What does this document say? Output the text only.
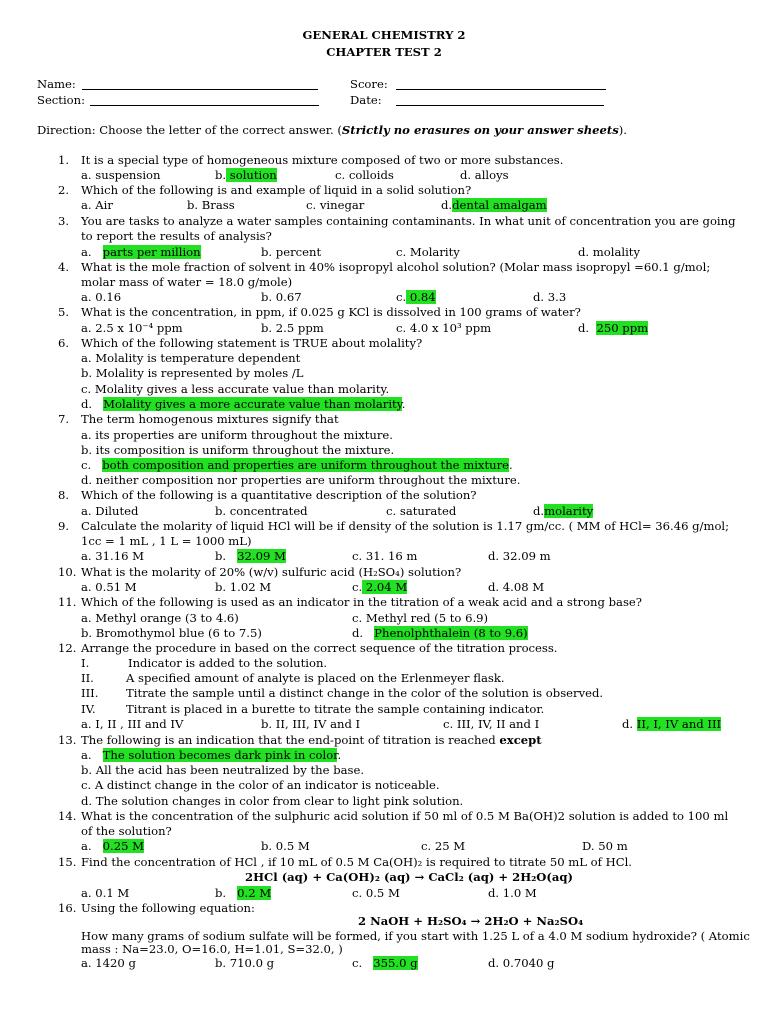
GENERAL CHEMISTRY 2
CHAPTER TEST 2
Name:	Score:
Section:	Date:
Direction: Choose the letter of the correct answer. (Strictly no erasures on your answer sheets).
1. It is a special type of homogeneous mixture composed of two or more substances.
a. suspension	b. solution	c. colloids	d. alloys
2. Which of the following is and example of liquid in a solid solution?
a. Air	b. Brass	c. vinegar	d.dental amalgam
3. You are tasks to analyze a water samples containing contaminants. In what unit of concentration you are going
to report the results of analysis?
a. parts per million	b. percent	c. Molarity	d. molality
4. What is the mole fraction of solvent in 40% isopropyl alcohol solution? (Molar mass isopropyl =60.1 g/mol;
molar mass of water = 18.0 g/mole)
a. 0.16	b. 0.67	c. 0.84	d. 3.3
5. What is the concentration, in ppm, if 0.025 g KCl is dissolved in 100 grams of water?
a. 2.5 x 10⁻⁴ ppm	b. 2.5 ppm	c. 4.0 x 10³ ppm	d. 250 ppm
6. Which of the following statement is TRUE about molality?
a. Molality is temperature dependent
b. Molality is represented by moles /L
c. Molality gives a less accurate value than molarity.
d. Molality gives a more accurate value than molarity.
7. The term homogenous mixtures signify that
a. its properties are uniform throughout the mixture.
b. its composition is uniform throughout the mixture.
c. both composition and properties are uniform throughout the mixture.
d. neither composition nor properties are uniform throughout the mixture.
8. Which of the following is a quantitative description of the solution?
a. Diluted	b. concentrated	c. saturated	d.molarity
9. Calculate the molarity of liquid HCl will be if density of the solution is 1.17 gm/cc. ( MM of HCl= 36.46 g/mol;
1cc = 1 mL , 1 L = 1000 mL)
a. 31.16 M	b. 32.09 M	c. 31. 16 m	d. 32.09 m
10. What is the molarity of 20% (w/v) sulfuric acid (H₂SO₄) solution?
a. 0.51 M	b. 1.02 M	c. 2.04 M	d. 4.08 M
11. Which of the following is used as an indicator in the titration of a weak acid and a strong base?
a. Methyl orange (3 to 4.6)
b. Bromothymol blue (6 to 7.5)
c. Methyl red (5 to 6.9)
d. Phenolphthalein (8 to 9.6)
12. Arrange the procedure in based on the correct sequence of the titration process.
I.	Indicator is added to the solution.
II.	A specified amount of analyte is placed on the Erlenmeyer flask.
III. Titrate the sample until a distinct change in the color of the solution is observed.
IV.	Titrant is placed in a burette to titrate the sample containing indicator.
a. I, II , III and IV	b. II, III, IV and I	c. III, IV, II and I	d. II, I, IV and III
13. The following is an indication that the end-point of titration is reached except
a. The solution becomes dark pink in color.
b. All the acid has been neutralized by the base.
c. A distinct change in the color of an indicator is noticeable.
d. The solution changes in color from clear to light pink solution.
14. What is the concentration of the sulphuric acid solution if 50 ml of 0.5 M Ba(OH)2 solution is added to 100 ml
of the solution?
a. 0.25 M	b. 0.5 M	c. 25 M	D. 50 m
15. Find the concentration of HCl , if 10 mL of 0.5 M Ca(OH)₂ is required to titrate 50 mL of HCl.
2HCl (aq) + Ca(OH)₂ (aq) → CaCl₂ (aq) + 2H₂O(aq)
a. 0.1 M	b. 0.2 M	c. 0.5 M	d. 1.0 M
16. Using the following equation:
2 NaOH + H₂SO₄ → 2H₂O + Na₂SO₄
How many grams of sodium sulfate will be formed, if you start with 1.25 L of a 4.0 M sodium hydroxide? ( Atomic
mass : Na=23.0, O=16.0, H=1.01, S=32.0, )
a. 1420 g	b. 710.0 g	c. 355.0 g	d. 0.7040 g
